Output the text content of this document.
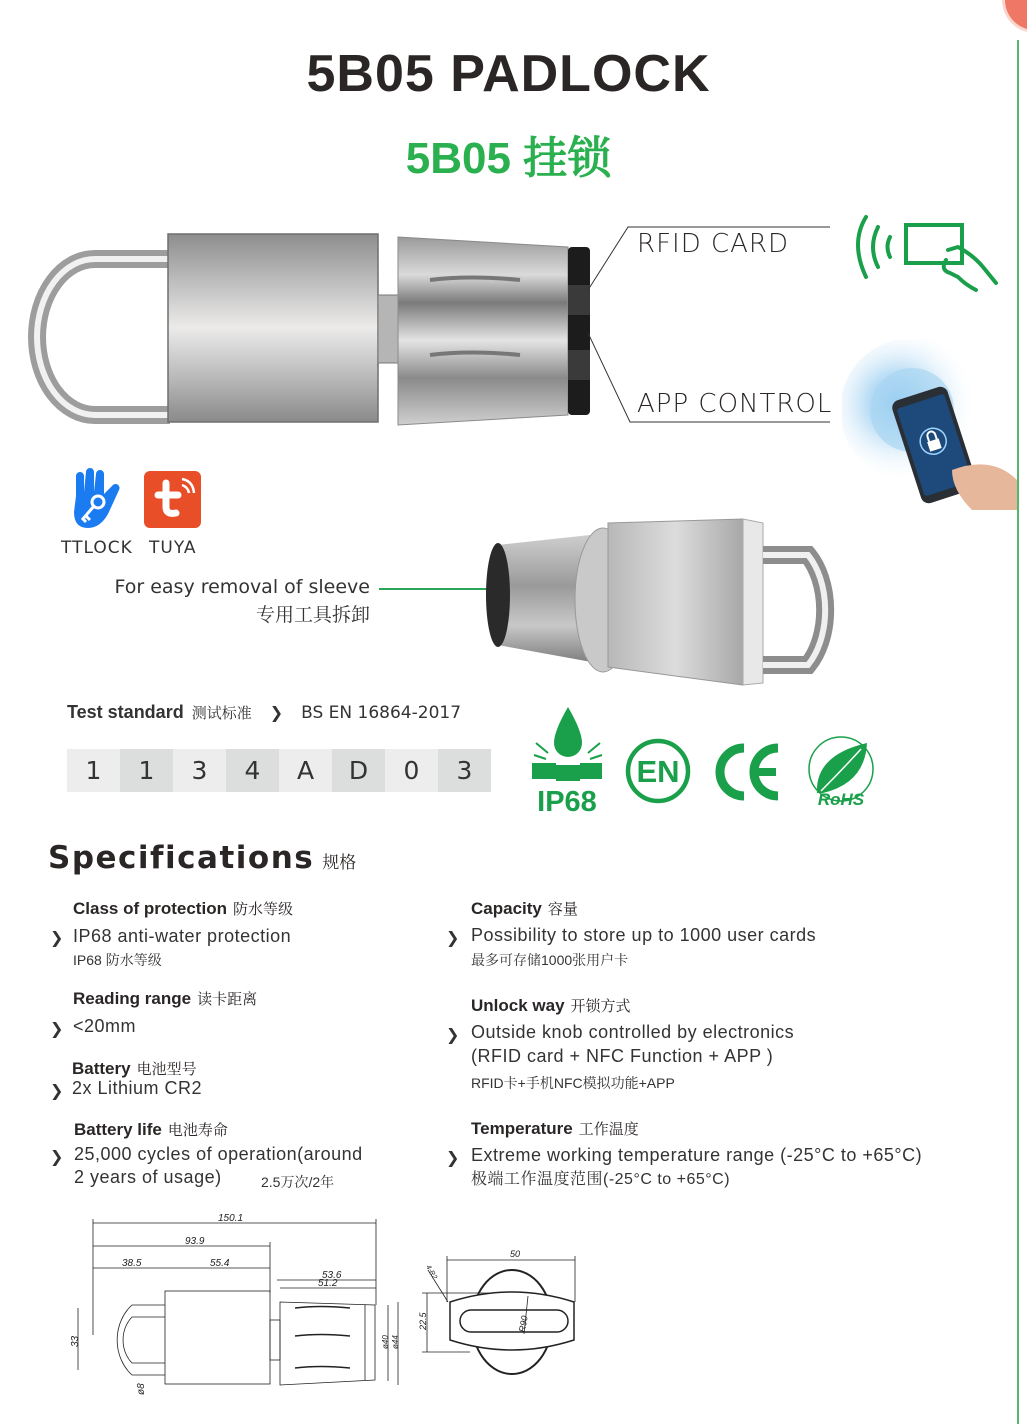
5B05 PADLOCK
5B05 挂锁
RFID CARD
APP CONTROL
TTLOCK TUYA
For easy removal of sleeve
专用工具拆卸
Test standard 测试标准 ❯ BS EN 16864-2017
1	1	3	4	A	D	0	3
IP68
EN
RoHS
Specifications 规格
Class of protection 防水等级
❯ IP68 anti-water protection
IP68 防水等级
Reading range 读卡距离
❯ <20mm
Battery 电池型号
❯ 2x Lithium CR2
Battery life 电池寿命
❯ 25,000 cycles of operation(around
2 years of usage)	2.5万次/2年
Capacity 容量
❯ Possibility to store up to 1000 user cards
最多可存储1000张用户卡
Unlock way 开锁方式
❯ Outside knob controlled by electronics
(RFID card + NFC Function + APP )
RFID卡+手机NFC模拟功能+APP
Temperature 工作温度
❯ Extreme working temperature range (-25°C to +65°C)
极端工作温度范围(-25°C to +65°C)
150.1
93.9
38.5	55.4
53.6
51.2
33
ø8
ø40 ø44
50
22.5	R90
4-R2
